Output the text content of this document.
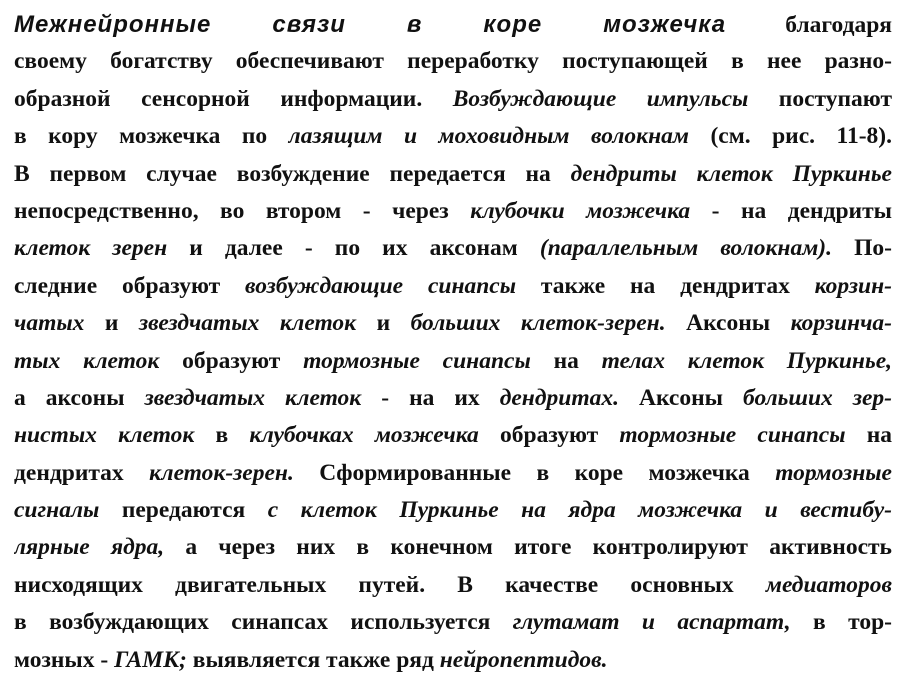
Межнейронные связи в коре мозжечка благодаря
своему богатству обеспечивают переработку поступающей в нее разно-
образной сенсорной информации. Возбуждающие импульсы поступают
в кору мозжечка по лазящим и моховидным волокнам (см. рис. 11-8).
В первом случае возбуждение передается на дендриты клеток Пуркинье
непосредственно, во втором - через клубочки мозжечка - на дендриты
клеток зерен и далее - по их аксонам (параллельным волокнам). По-
следние образуют возбуждающие синапсы также на дендритах корзин-
чатых и звездчатых клеток и больших клеток-зерен. Аксоны корзинча-
тых клеток образуют тормозные синапсы на телах клеток Пуркинье,
а аксоны звездчатых клеток - на их дендритах. Аксоны больших зер-
нистых клеток в клубочках мозжечка образуют тормозные синапсы на
дендритах клеток-зерен. Сформированные в коре мозжечка тормозные
сигналы передаются с клеток Пуркинье на ядра мозжечка и вестибу-
лярные ядра, а через них в конечном итоге контролируют активность
нисходящих двигательных путей. В качестве основных медиаторов
в возбуждающих синапсах используется глутамат и аспартат, в тор-
мозных - ГАМК; выявляется также ряд нейропептидов.
